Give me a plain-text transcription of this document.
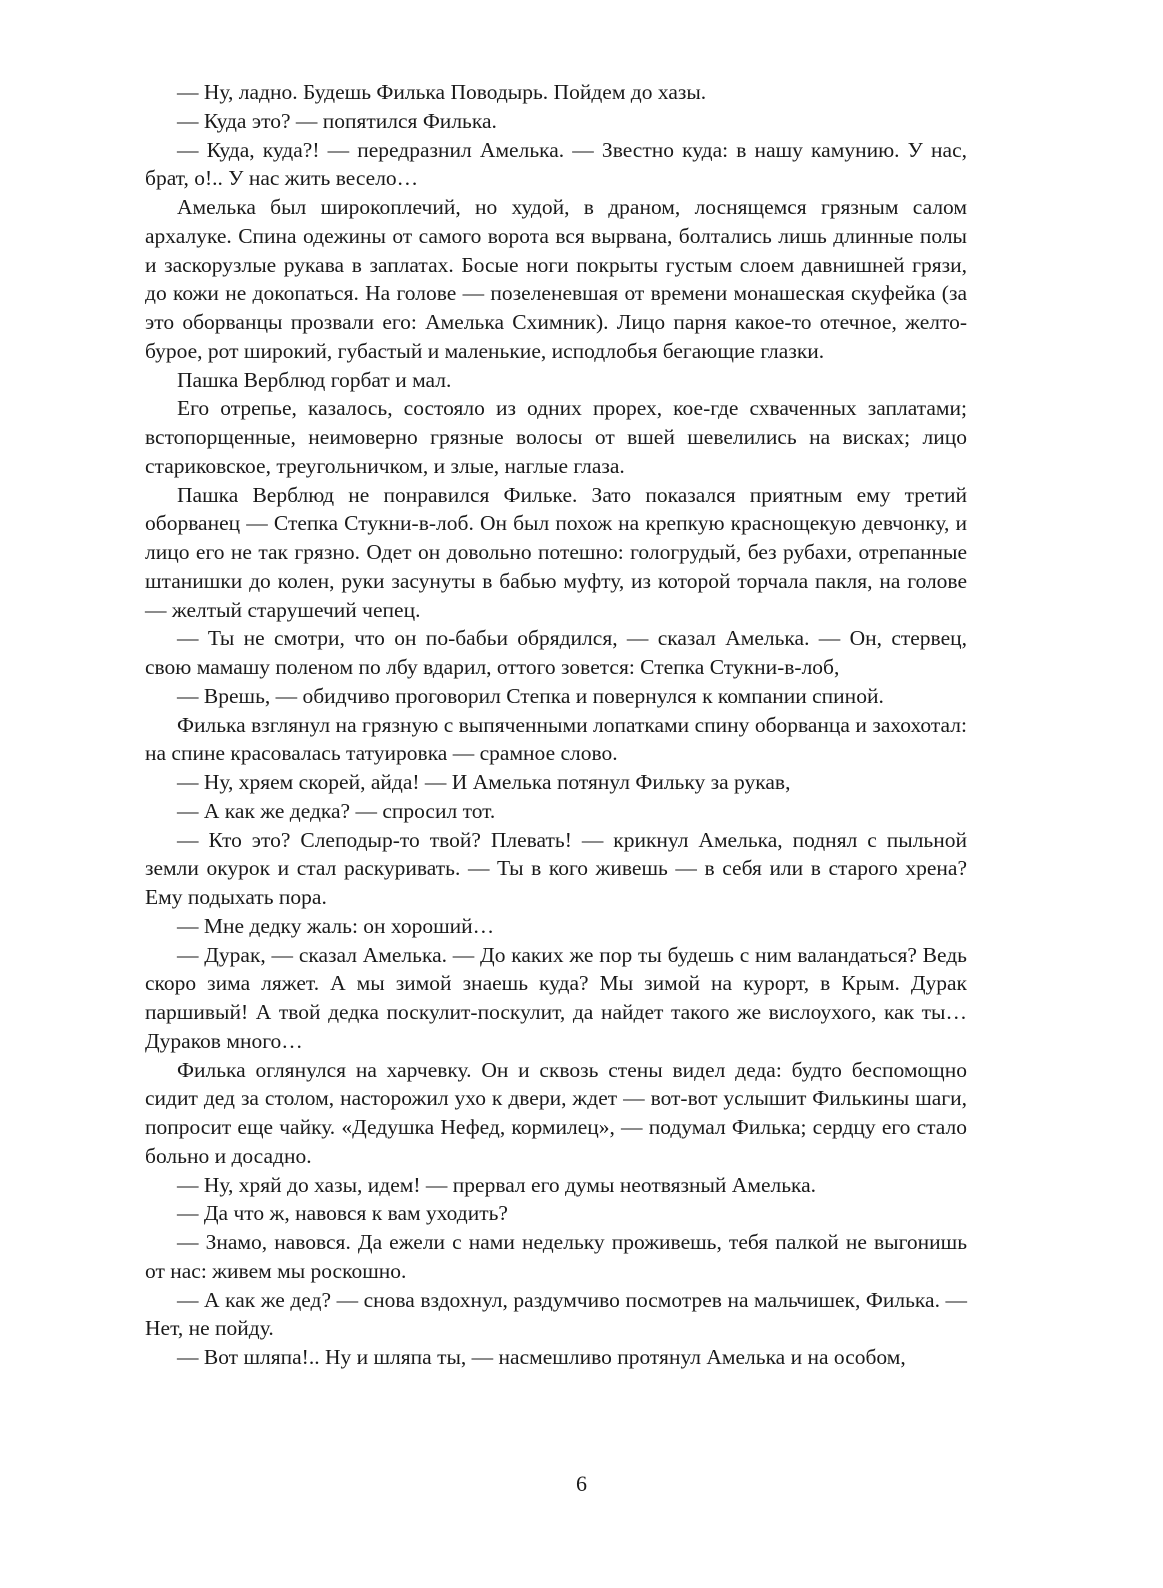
— Ну, ладно. Будешь Филька Поводырь. Пойдем до хазы.

— Куда это? — попятился Филька.

— Куда, куда?! — передразнил Амелька. — Звестно куда: в нашу камунию. У нас, брат, о!.. У нас жить весело…

Амелька был широкоплечий, но худой, в драном, лоснящемся грязным салом архалуке. Спина одежины от самого ворота вся вырвана, болтались лишь длинные полы и заскорузлые рукава в заплатах. Босые ноги покрыты густым слоем давнишней грязи, до кожи не докопаться. На голове — позеленевшая от времени монашеская скуфейка (за это оборванцы прозвали его: Амелька Схимник). Лицо парня какое-то отечное, желто-бурое, рот широкий, губастый и маленькие, исподлобья бегающие глазки.

Пашка Верблюд горбат и мал.

Его отрепье, казалось, состояло из одних прорех, кое-где схваченных заплатами; встопорщенные, неимоверно грязные волосы от вшей шевелились на висках; лицо стариковское, треугольничком, и злые, наглые глаза.

Пашка Верблюд не понравился Фильке. Зато показался приятным ему третий оборванец — Степка Стукни-в-лоб. Он был похож на крепкую краснощекую девчонку, и лицо его не так грязно. Одет он довольно потешно: гологрудый, без рубахи, отрепанные штанишки до колен, руки засунуты в бабью муфту, из которой торчала пакля, на голове — желтый старушечий чепец.

— Ты не смотри, что он по-бабьи обрядился, — сказал Амелька. — Он, стервец, свою мамашу поленом по лбу вдарил, оттого зовется: Степка Стукни-в-лоб,

— Врешь, — обидчиво проговорил Степка и повернулся к компании спиной.

Филька взглянул на грязную с выпяченными лопатками спину оборванца и захохотал: на спине красовалась татуировка — срамное слово.

— Ну, хряем скорей, айда! — И Амелька потянул Фильку за рукав,

— А как же дедка? — спросил тот.

— Кто это? Слеподыр-то твой? Плевать! — крикнул Амелька, поднял с пыльной земли окурок и стал раскуривать. — Ты в кого живешь — в себя или в старого хрена? Ему подыхать пора.

— Мне дедку жаль: он хороший…

— Дурак, — сказал Амелька. — До каких же пор ты будешь с ним валандаться? Ведь скоро зима ляжет. А мы зимой знаешь куда? Мы зимой на курорт, в Крым. Дурак паршивый! А твой дедка поскулит-поскулит, да найдет такого же вислоухого, как ты… Дураков много…

Филька оглянулся на харчевку. Он и сквозь стены видел деда: будто беспомощно сидит дед за столом, насторожил ухо к двери, ждет — вот-вот услышит Филькины шаги, попросит еще чайку. «Дедушка Нефед, кормилец», — подумал Филька; сердцу его стало больно и досадно.

— Ну, хряй до хазы, идем! — прервал его думы неотвязный Амелька.

— Да что ж, навовся к вам уходить?

— Знамо, навовся. Да ежели с нами недельку проживешь, тебя палкой не выгонишь от нас: живем мы роскошно.

— А как же дед? — снова вздохнул, раздумчиво посмотрев на мальчишек, Филька. — Нет, не пойду.

— Вот шляпа!.. Ну и шляпа ты, — насмешливо протянул Амелька и на особом,

6
